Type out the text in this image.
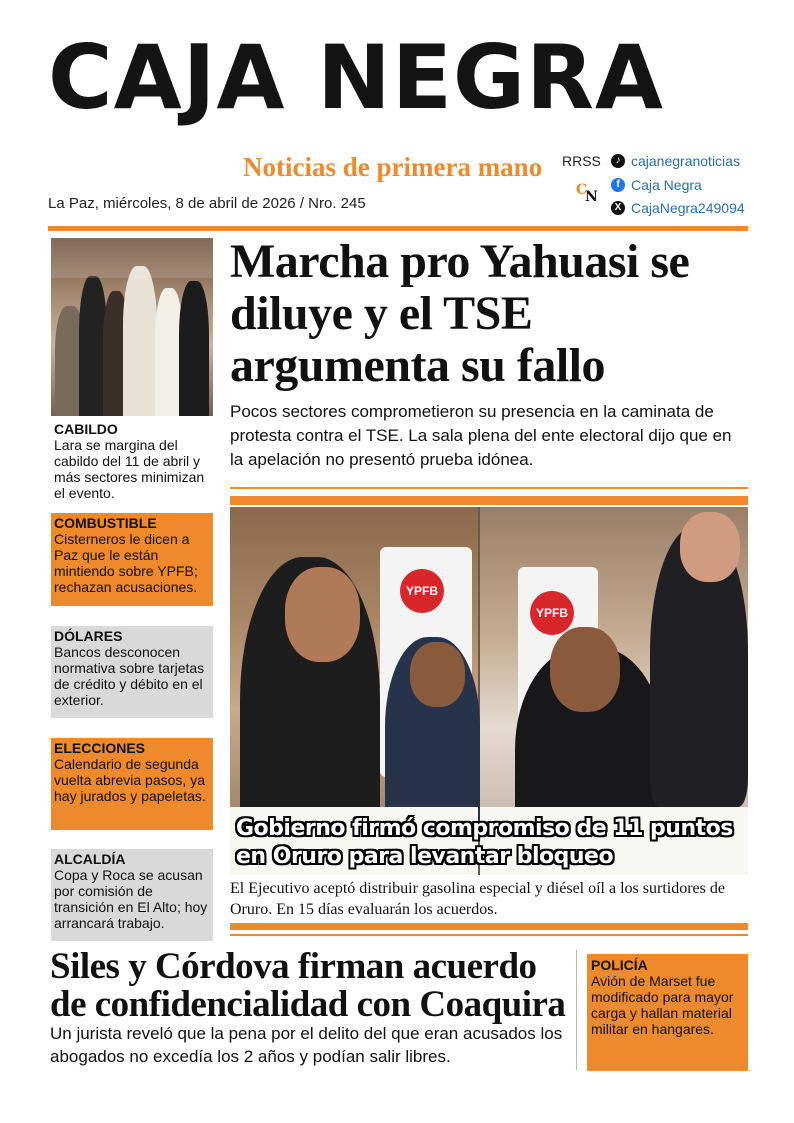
CAJA NEGRA
Noticias de primera mano
La Paz, miércoles, 8 de abril de 2026 / Nro. 245
RRSS	♪ cajanegranoticias
f Caja Negra
X CajaNegra249094
C
N
CABILDO
Lara se margina del cabildo del 11 de abril y más sectores minimizan el evento.
COMBUSTIBLE
Cisterneros le dicen a Paz que le están mintiendo sobre YPFB; rechazan acusaciones.
DÓLARES
Bancos desconocen normativa sobre tarjetas de crédito y débito en el exterior.
ELECCIONES
Calendario de segunda vuelta abrevia pasos, ya hay jurados y papeletas.
ALCALDÍA
Copa y Roca se acusan por comisión de transición en El Alto; hoy arrancará trabajo.
Marcha pro Yahuasi se diluye y el TSE argumenta su fallo
Pocos sectores comprometieron su presencia en la caminata de protesta contra el TSE. La sala plena del ente electoral dijo que en la apelación no presentó prueba idónea.
YPFB
YPFB
Gobierno firmó compromiso de 11 puntos
en Oruro para levantar bloqueo
El Ejecutivo aceptó distribuir gasolina especial y diésel oíl a los surtidores de Oruro. En 15 días evaluarán los acuerdos.
Siles y Córdova firman acuerdo de confidencialidad con Coaquira
Un jurista reveló que la pena por el delito del que eran acusados los abogados no excedía los 2 años y podían salir libres.
POLICÍA
Avión de Marset fue modificado para mayor carga y hallan material militar en hangares.
